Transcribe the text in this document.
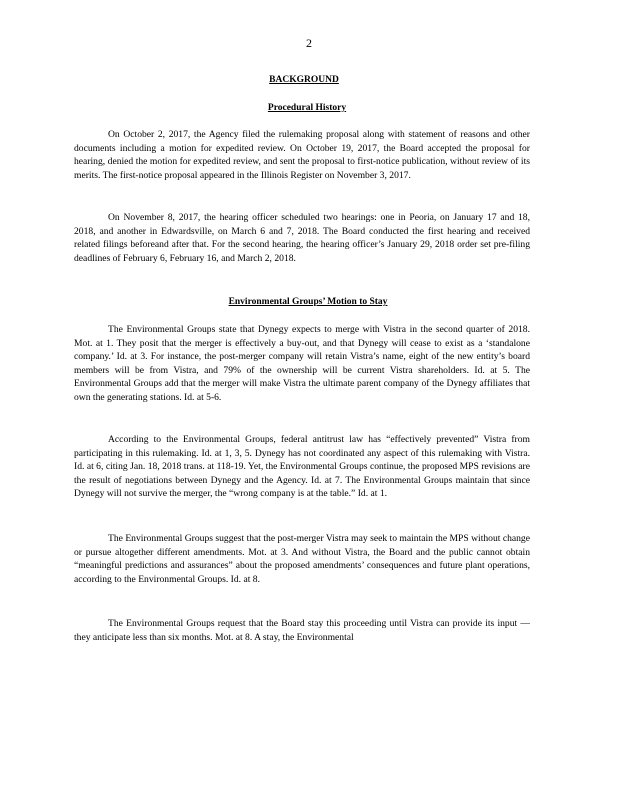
2
BACKGROUND
Procedural History

On October 2, 2017, the Agency filed the rulemaking proposal along with statement of reasons and other documents including a motion for expedited review. On October 19, 2017, the Board accepted the proposal for hearing, denied the motion for expedited review, and sent the proposal to first-notice publication, without review of its merits. The first-notice proposal appeared in the Illinois Register on November 3, 2017.

On November 8, 2017, the hearing officer scheduled two hearings: one in Peoria, on January 17 and 18, 2018, and another in Edwardsville, on March 6 and 7, 2018. The Board conducted the first hearing and received related filings beforeand after that. For the second hearing, the hearing officer’s January 29, 2018 order set pre-filing deadlines of February 6, February 16, and March 2, 2018.

Environmental Groups’ Motion to Stay

The Environmental Groups state that Dynegy expects to merge with Vistra in the second quarter of 2018. Mot. at 1. They posit that the merger is effectively a buy-out, and that Dynegy will cease to exist as a ‘standalone company.’ Id. at 3. For instance, the post-merger company will retain Vistra’s name, eight of the new entity’s board members will be from Vistra, and 79% of the ownership will be current Vistra shareholders. Id. at 5. The Environmental Groups add that the merger will make Vistra the ultimate parent company of the Dynegy affiliates that own the generating stations. Id. at 5-6.

According to the Environmental Groups, federal antitrust law has “effectively prevented” Vistra from participating in this rulemaking. Id. at 1, 3, 5. Dynegy has not coordinated any aspect of this rulemaking with Vistra. Id. at 6, citing Jan. 18, 2018 trans. at 118-19. Yet, the Environmental Groups continue, the proposed MPS revisions are the result of negotiations between Dynegy and the Agency. Id. at 7. The Environmental Groups maintain that since Dynegy will not survive the merger, the “wrong company is at the table.” Id. at 1.

The Environmental Groups suggest that the post-merger Vistra may seek to maintain the MPS without change or pursue altogether different amendments. Mot. at 3. And without Vistra, the Board and the public cannot obtain “meaningful predictions and assurances” about the proposed amendments’ consequences and future plant operations, according to the Environmental Groups. Id. at 8.

The Environmental Groups request that the Board stay this proceeding until Vistra can provide its input — they anticipate less than six months. Mot. at 8. A stay, the Environmental
